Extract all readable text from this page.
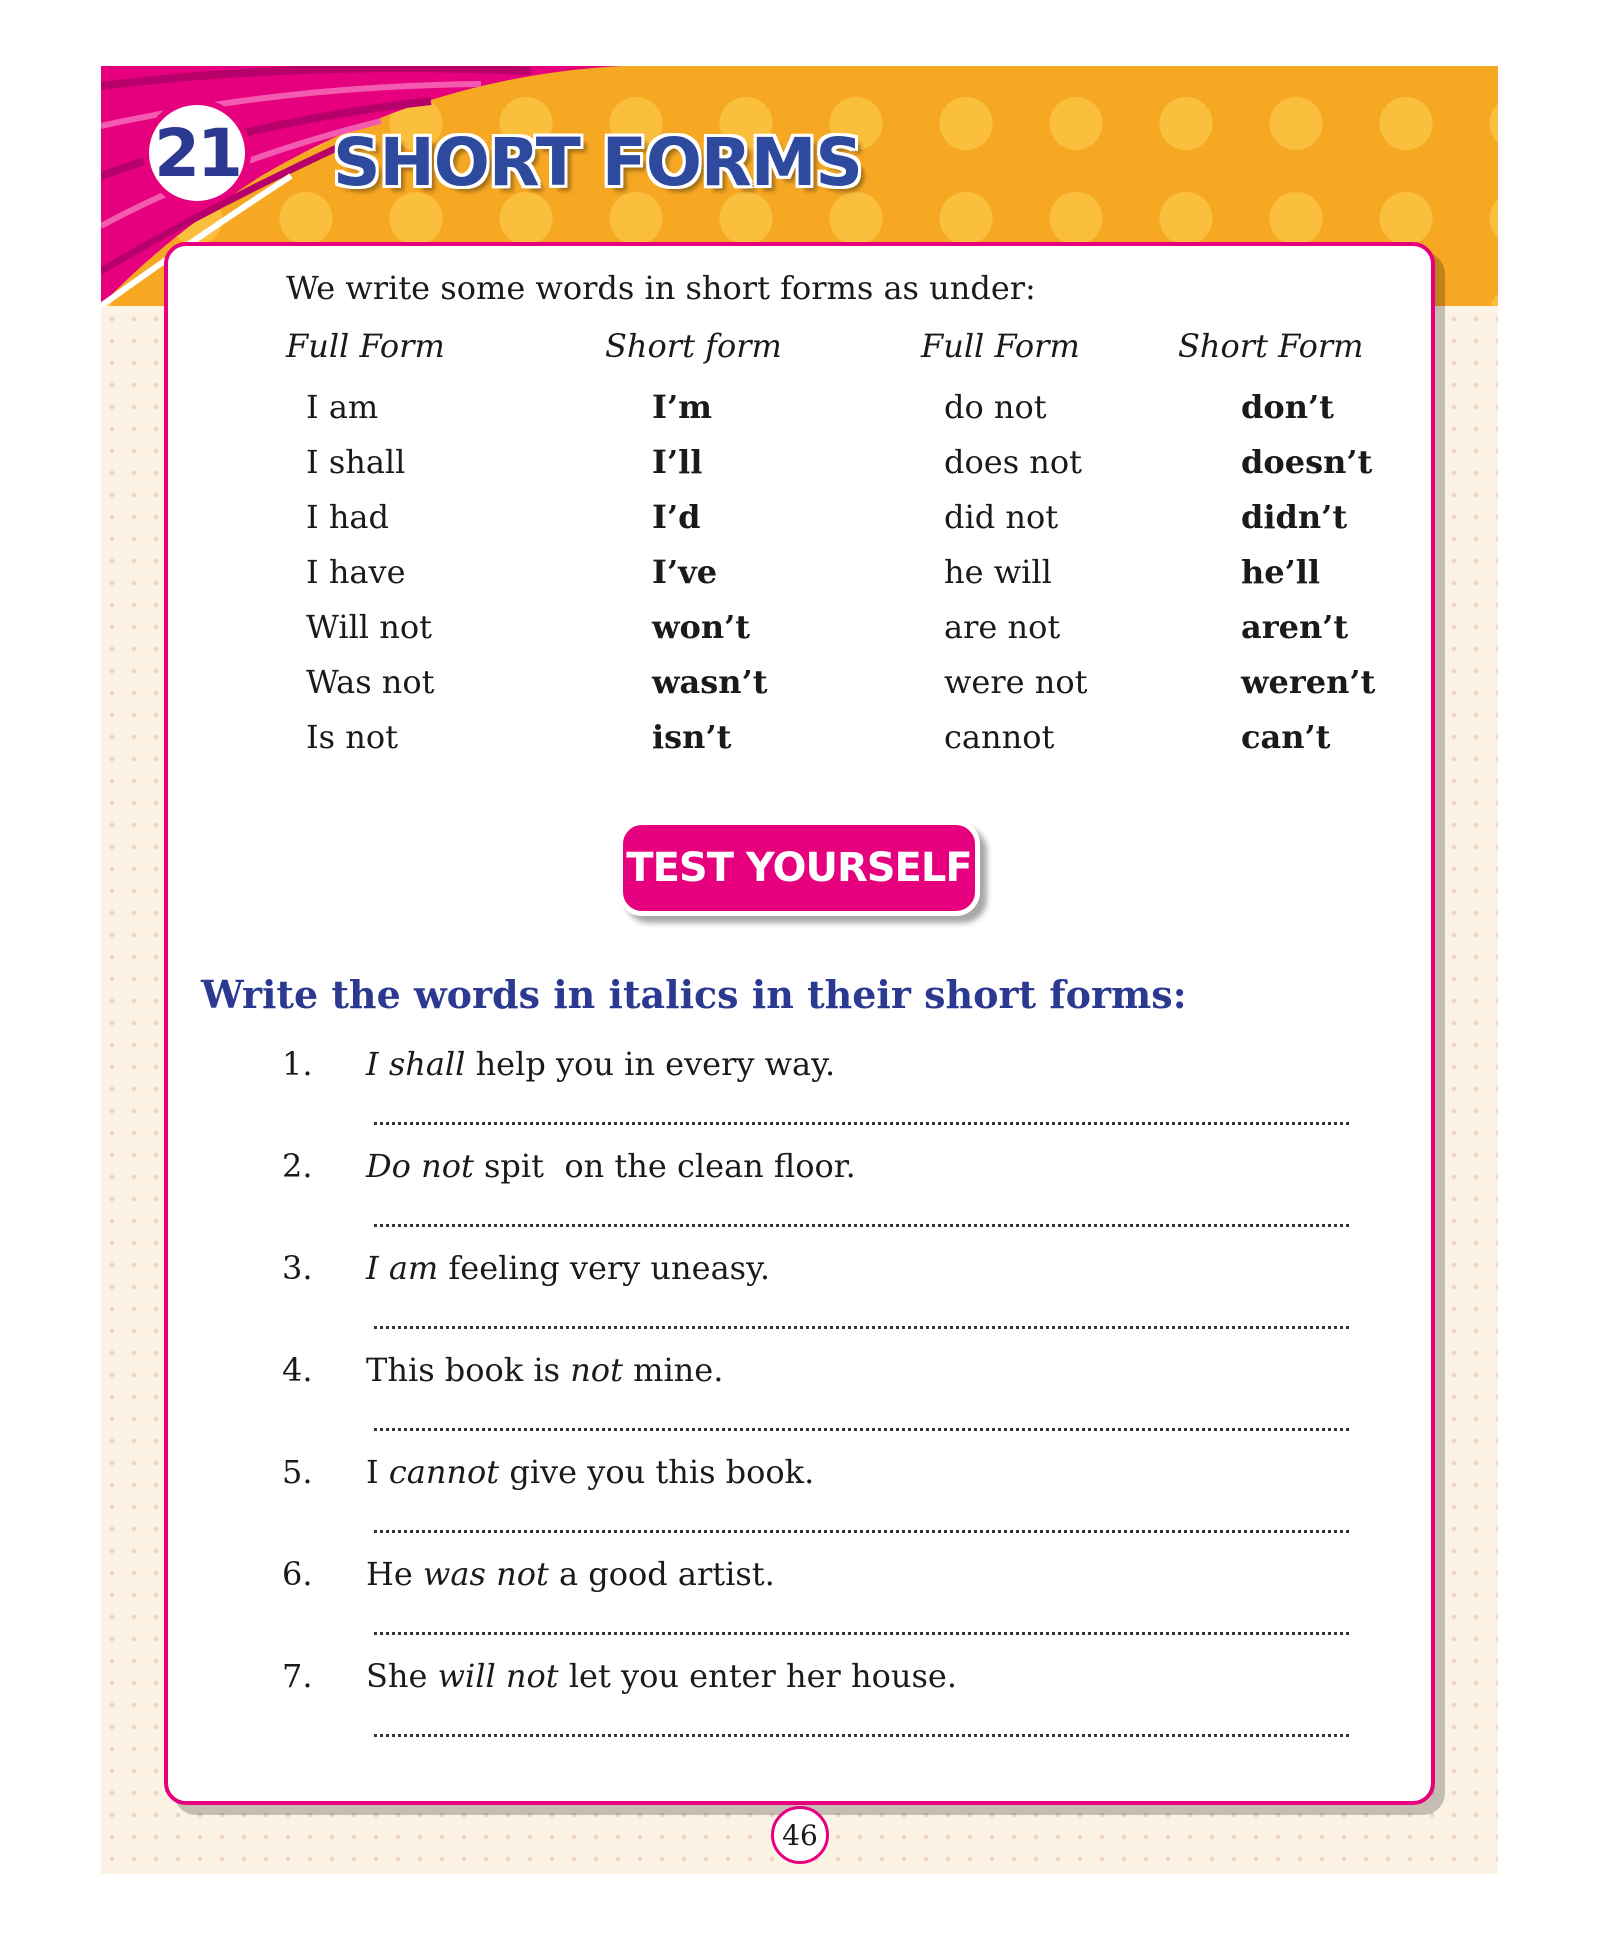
21 SHORT FORMS

We write some words in short forms as under:

Full Form	Short form	Full Form	Short Form
I am	I’m	do not	don’t
I shall	I’ll	does not	doesn’t
I had	I’d	did not	didn’t
I have	I’ve	he will	he’ll
Will not	won’t	are not	aren’t
Was not	wasn’t	were not	weren’t
Is not	isn’t	cannot	can’t
TEST YOURSELF
Write the words in italics in their short forms:
1. I shall help you in every way.
2. Do not spit  on the clean floor.
3. I am feeling very uneasy.
4. This book is not mine.
5. I cannot give you this book.
6. He was not a good artist.
7. She will not let you enter her house.
46
